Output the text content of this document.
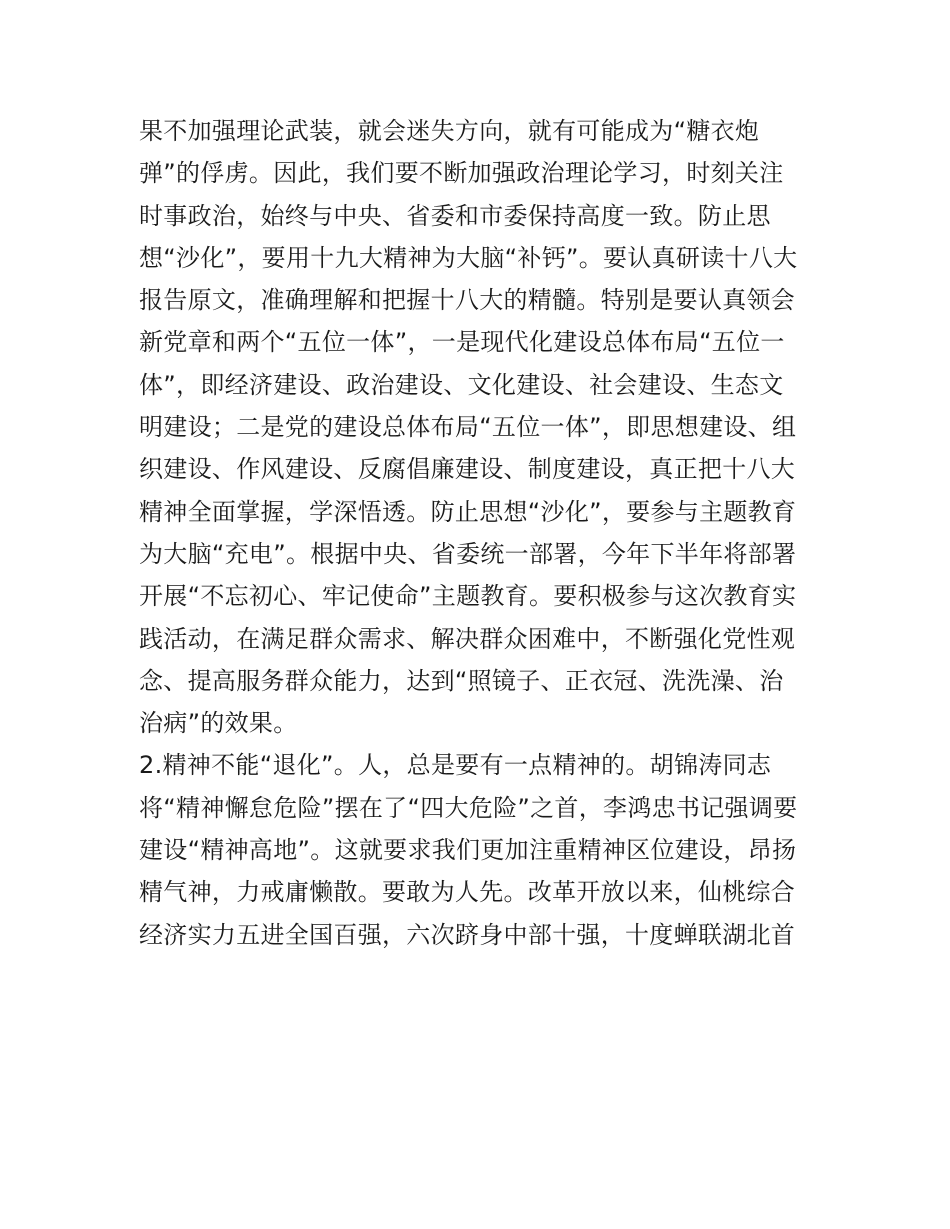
果不加强理论武装，就会迷失方向，就有可能成为“糖衣炮
弹”的俘虏。因此，我们要不断加强政治理论学习，时刻关注
时事政治，始终与中央、省委和市委保持高度一致。防止思
想“沙化”，要用十九大精神为大脑“补钙”。要认真研读十八大
报告原文，准确理解和把握十八大的精髓。特别是要认真领会
新党章和两个“五位一体”，一是现代化建设总体布局“五位一
体”，即经济建设、政治建设、文化建设、社会建设、生态文
明建设；二是党的建设总体布局“五位一体”，即思想建设、组
织建设、作风建设、反腐倡廉建设、制度建设，真正把十八大
精神全面掌握，学深悟透。防止思想“沙化”，要参与主题教育
为大脑“充电”。根据中央、省委统一部署，今年下半年将部署
开展“不忘初心、牢记使命”主题教育。要积极参与这次教育实
践活动，在满足群众需求、解决群众困难中，不断强化党性观
念、提高服务群众能力，达到“照镜子、正衣冠、洗洗澡、治
治病”的效果。
2.精神不能“退化”。人，总是要有一点精神的。胡锦涛同志
将“精神懈怠危险”摆在了“四大危险”之首，李鸿忠书记强调要
建设“精神高地”。这就要求我们更加注重精神区位建设，昂扬
精气神，力戒庸懒散。要敢为人先。改革开放以来，仙桃综合
经济实力五进全国百强，六次跻身中部十强，十度蝉联湖北首
